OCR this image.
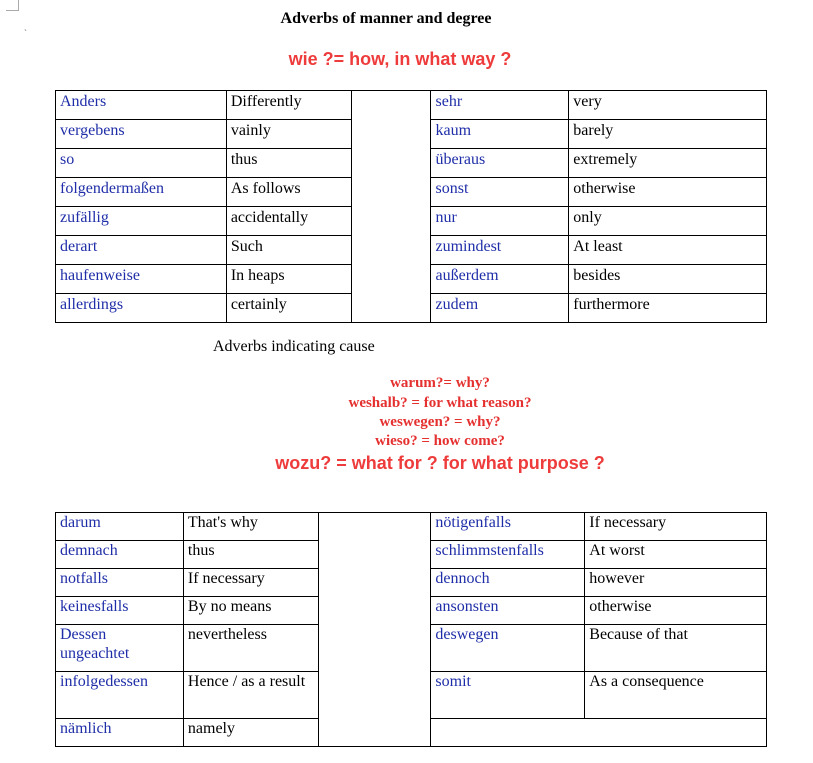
`
Adverbs of manner and degree
wie ?= how, in what way ?
Anders	Differently		sehr	very
vergebens	vainly		kaum	barely
so	thus		überaus	extremely
folgendermaßen	As follows		sonst	otherwise
zufällig	accidentally		nur	only
derart	Such		zumindest	At least
haufenweise	In heaps		außerdem	besides
allerdings	certainly		zudem	furthermore
Adverbs indicating cause
warum?= why?
weshalb? = for what reason?
weswegen? = why?
wieso? = how come?
wozu? = what for ? for what purpose ?
darum	That's why		nötigenfalls	If necessary
demnach	thus		schlimmstenfalls	At worst
notfalls	If necessary		dennoch	however
keinesfalls	By no means		ansonsten	otherwise
Dessen ungeachtet	nevertheless		deswegen	Because of that
infolgedessen	Hence / as a result		somit	As a consequence
nämlich	namely			
